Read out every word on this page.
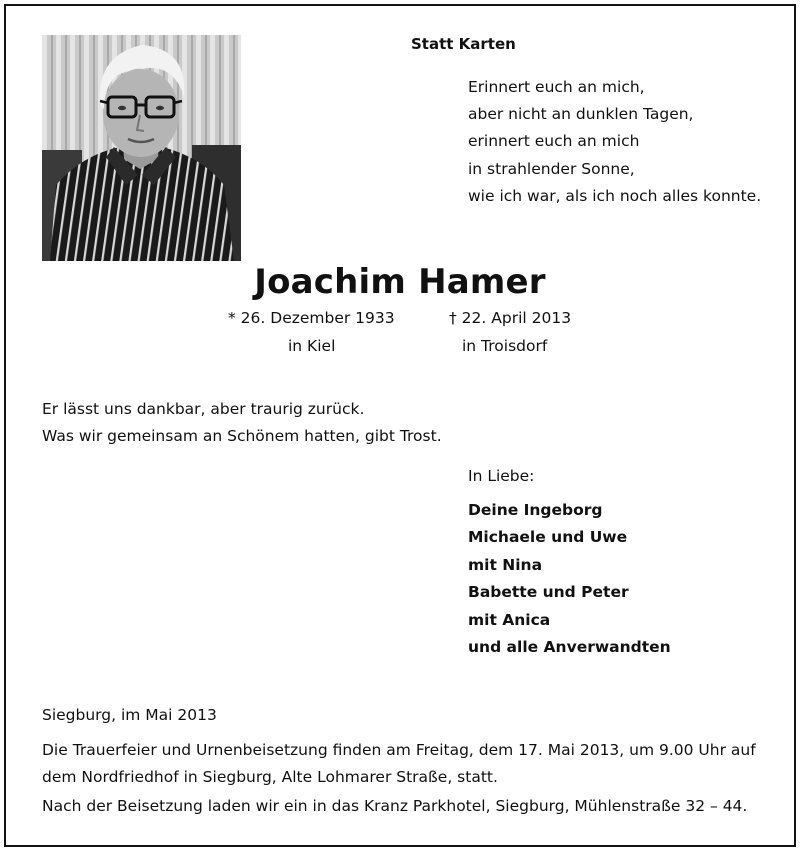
Statt Karten
Erinnert euch an mich,
aber nicht an dunklen Tagen,
erinnert euch an mich
in strahlender Sonne,
wie ich war, als ich noch alles konnte.
Joachim Hamer
* 26. Dezember 1933
in Kiel
† 22. April 2013
in Troisdorf
Er lässt uns dankbar, aber traurig zurück.
Was wir gemeinsam an Schönem hatten, gibt Trost.
In Liebe:
Deine Ingeborg
Michaele und Uwe
mit Nina
Babette und Peter
mit Anica
und alle Anverwandten
Siegburg, im Mai 2013
Die Trauerfeier und Urnenbeisetzung finden am Freitag, dem 17. Mai 2013, um 9.00 Uhr auf dem Nordfriedhof in Siegburg, Alte Lohmarer Straße, statt.
Nach der Beisetzung laden wir ein in das Kranz Parkhotel, Siegburg, Mühlenstraße 32 – 44.
